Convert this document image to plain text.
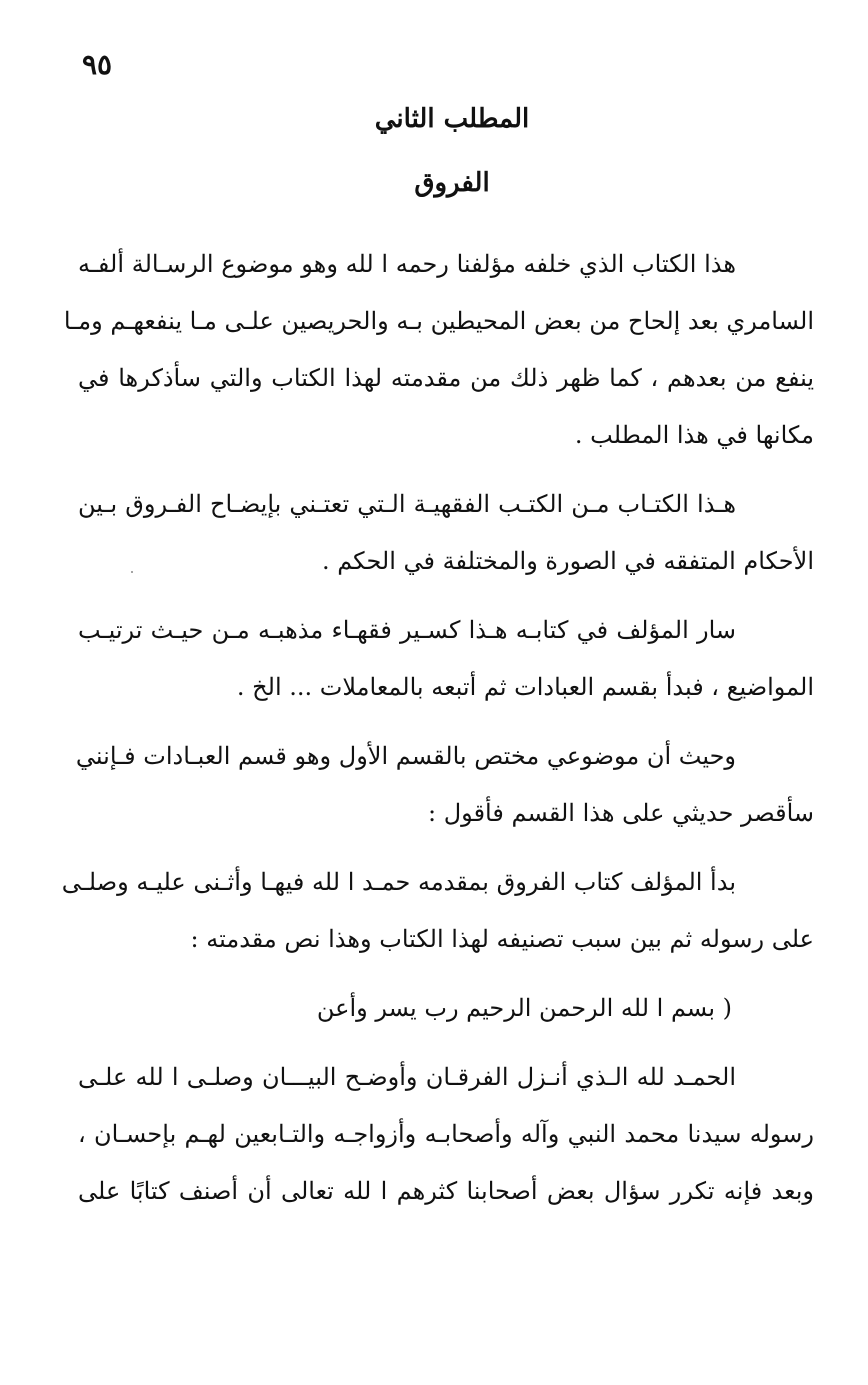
٩٥
المطلب الثاني
الفروق
هذا الكتاب الذي خلفه مؤلفنا رحمه ا لله وهو موضوع الرسـالة ألفـه
السامري بعد إلحاح من بعض المحيطين بـه والحريصين علـى مـا ينفعهـم ومـا
ينفع من بعدهم ، كما ظهر ذلك من مقدمته لهذا الكتاب والتي سأذكرها في
مكانها في هذا المطلب .
هـذا الكتـاب مـن الكتـب الفقهيـة الـتي تعتـني بإيضـاح الفـروق بـين
الأحكام المتفقه في الصورة والمختلفة في الحكم .
سار المؤلف في كتابـه هـذا كسـير فقهـاء مذهبـه مـن حيـث ترتيـب
المواضيع ، فبدأ بقسم العبادات ثم أتبعه بالمعاملات ... الخ .
وحيث أن موضوعي مختص بالقسم الأول وهو قسم العبـادات فـإنني
سأقصر حديثي على هذا القسم فأقول :
بدأ المؤلف كتاب الفروق بمقدمه حمـد ا لله فيهـا وأثـنى عليـه وصلـى
على رسوله ثم بين سبب تصنيفه لهذا الكتاب وهذا نص مقدمته :
( بسم ا لله الرحمن الرحيم رب يسر وأعن
الحمـد لله الـذي أنـزل الفرقـان وأوضـح البيـــان وصلـى ا لله علـى
رسوله سيدنا محمد النبي وآله وأصحابـه وأزواجـه والتـابعين لهـم بإحسـان ،
وبعد فإنه تكرر سؤال بعض أصحابنا كثرهم ا لله تعالى أن أصنف كتابًا على
